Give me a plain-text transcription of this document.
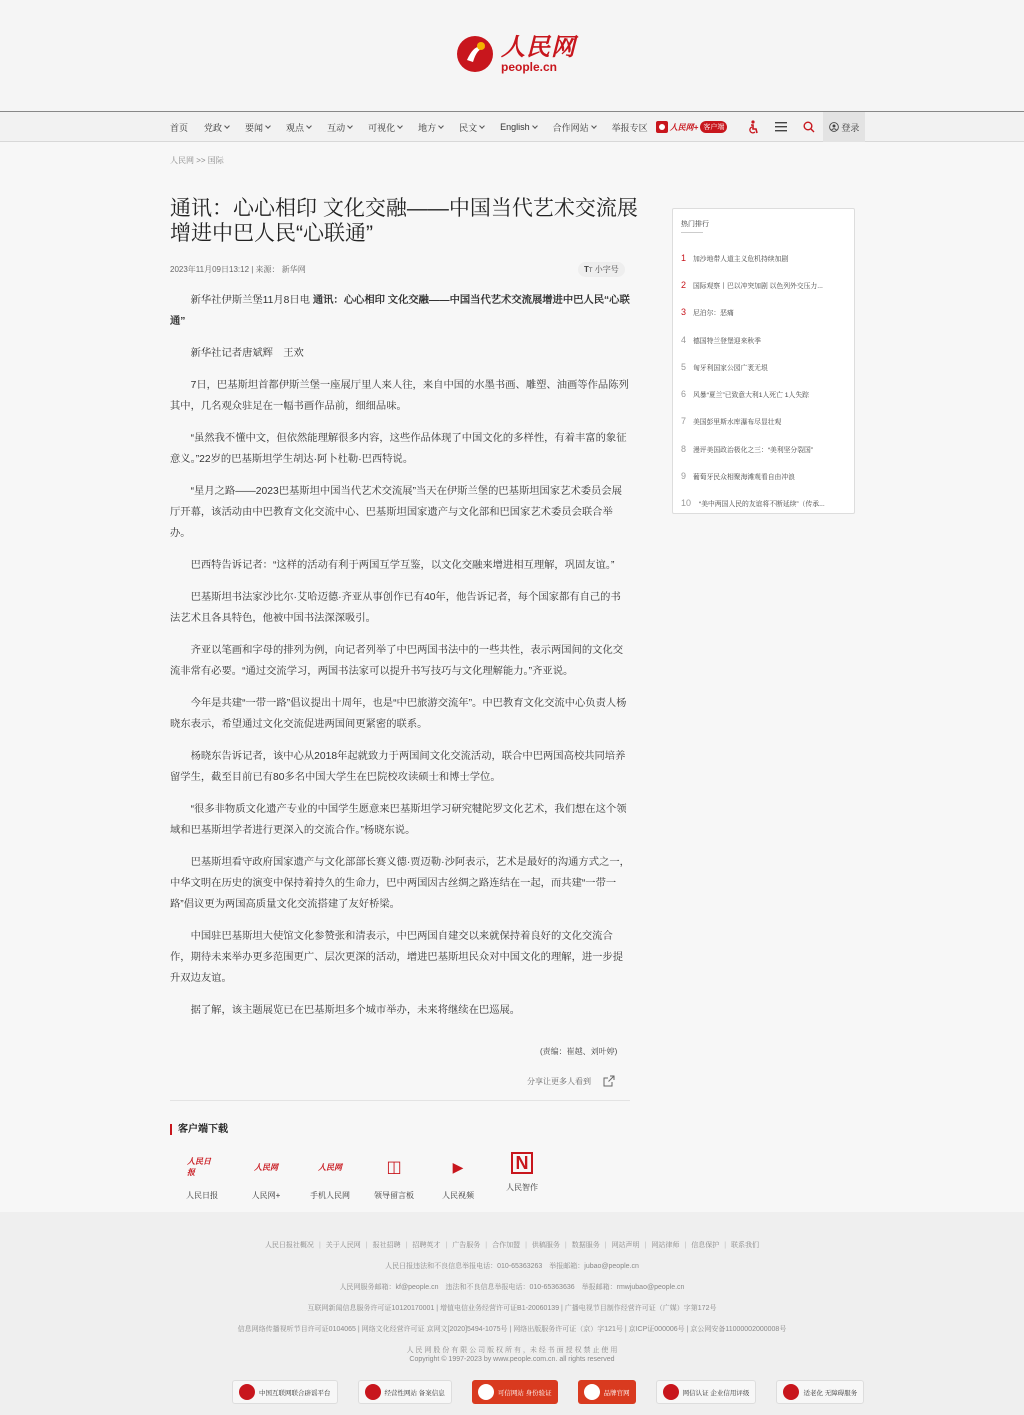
人民网
people.cn
首页 党政	要闻	观点	互动	可视化	地方	民文	English	合作网站	举报专区	人民网+ 客户端	登录
人民网 >> 国际
通讯：心心相印 文化交融——中国当代艺术交流展增进中巴人民“心联通”
2023年11月09日13:12 | 来源： 新华网	TT 小字号

新华社伊斯兰堡11月8日电 通讯：心心相印 文化交融——中国当代艺术交流展增进中巴人民“心联通”

新华社记者唐斌辉　王欢

7日，巴基斯坦首都伊斯兰堡一座展厅里人来人往，来自中国的水墨书画、雕塑、油画等作品陈列其中，几名观众驻足在一幅书画作品前，细细品味。

“虽然我不懂中文，但依然能理解很多内容，这些作品体现了中国文化的多样性，有着丰富的象征意义。”22岁的巴基斯坦学生胡达·阿卜杜勒·巴西特说。

“星月之路——2023巴基斯坦中国当代艺术交流展”当天在伊斯兰堡的巴基斯坦国家艺术委员会展厅开幕，该活动由中巴教育文化交流中心、巴基斯坦国家遗产与文化部和巴国家艺术委员会联合举办。

巴西特告诉记者：“这样的活动有利于两国互学互鉴，以文化交融来增进相互理解，巩固友谊。”

巴基斯坦书法家沙比尔·艾哈迈德·齐亚从事创作已有40年，他告诉记者，每个国家都有自己的书法艺术且各具特色，他被中国书法深深吸引。

齐亚以笔画和字母的排列为例，向记者列举了中巴两国书法中的一些共性，表示两国间的文化交流非常有必要。“通过交流学习，两国书法家可以提升书写技巧与文化理解能力。”齐亚说。

今年是共建“一带一路”倡议提出十周年，也是“中巴旅游交流年”。中巴教育文化交流中心负责人杨晓东表示，希望通过文化交流促进两国间更紧密的联系。

杨晓东告诉记者，该中心从2018年起就致力于两国间文化交流活动，联合中巴两国高校共同培养留学生，截至目前已有80多名中国大学生在巴院校攻读硕士和博士学位。

“很多非物质文化遗产专业的中国学生愿意来巴基斯坦学习研究犍陀罗文化艺术，我们想在这个领域和巴基斯坦学者进行更深入的交流合作。”杨晓东说。

巴基斯坦看守政府国家遗产与文化部部长赛义德·贾迈勒·沙阿表示，艺术是最好的沟通方式之一，中华文明在历史的演变中保持着持久的生命力，巴中两国因古丝绸之路连结在一起，而共建“一带一路”倡议更为两国高质量文化交流搭建了友好桥梁。

中国驻巴基斯坦大使馆文化参赞张和清表示，中巴两国自建交以来就保持着良好的文化交流合作，期待未来举办更多范围更广、层次更深的活动，增进巴基斯坦民众对中国文化的理解，进一步提升双边友谊。

据了解，该主题展览已在巴基斯坦多个城市举办，未来将继续在巴巡展。

(责编：崔越、刘叶婷)
分享让更多人看到
客户端下载
人民日报
人民日报
人民网
人民网+
人民网
手机人民网
◫
领导留言板
▶
人民视频
N
人民智作
热门排行
1	加沙地带人道主义危机持续加剧
2	国际观察丨巴以冲突加剧 以色列外交压力...
3	尼泊尔：恶痛
4	德国特兰登堡迎来秋季
5	匈牙利国家公园广袤无垠
6	风暴“夏兰”已致意大利1人死亡 1人失踪
7	美国彭里斯水库瀑布尽显壮观
8	漫评美国政治极化之三：“美利坚分裂国”
9	葡萄牙民众相聚海滩观看自由冲浪
10	“美中两国人民的友谊将不断延续”（传承...
人民日报社概况 | 关于人民网 | 报社招聘 | 招聘英才 | 广告服务 | 合作加盟 | 供稿服务 | 数据服务 | 网站声明 | 网站律师 | 信息保护 | 联系我们
人民日报违法和不良信息举报电话：010-65363263　举报邮箱：jubao@people.cn
人民网服务邮箱：kf@people.cn　违法和不良信息举报电话：010-65363636　举报邮箱：rmwjubao@people.cn
互联网新闻信息服务许可证10120170001 | 增值电信业务经营许可证B1-20060139 | 广播电视节目制作经营许可证（广媒）字第172号
信息网络传播视听节目许可证0104065 | 网络文化经营许可证 京网文[2020]5494-1075号 | 网络出版服务许可证（京）字121号 | 京ICP证000006号 | 京公网安备11000002000008号
人 民 网 股 份 有 限 公 司 版 权 所 有 ，未 经 书 面 授 权 禁 止 使 用
Copyright © 1997-2023 by www.people.com.cn. all rights reserved
中国互联网联合辟谣平台	经营性网站 备案信息	可信网站 身份验证	品牌官网	网信认证 企业信用评级	适老化 无障碍服务
